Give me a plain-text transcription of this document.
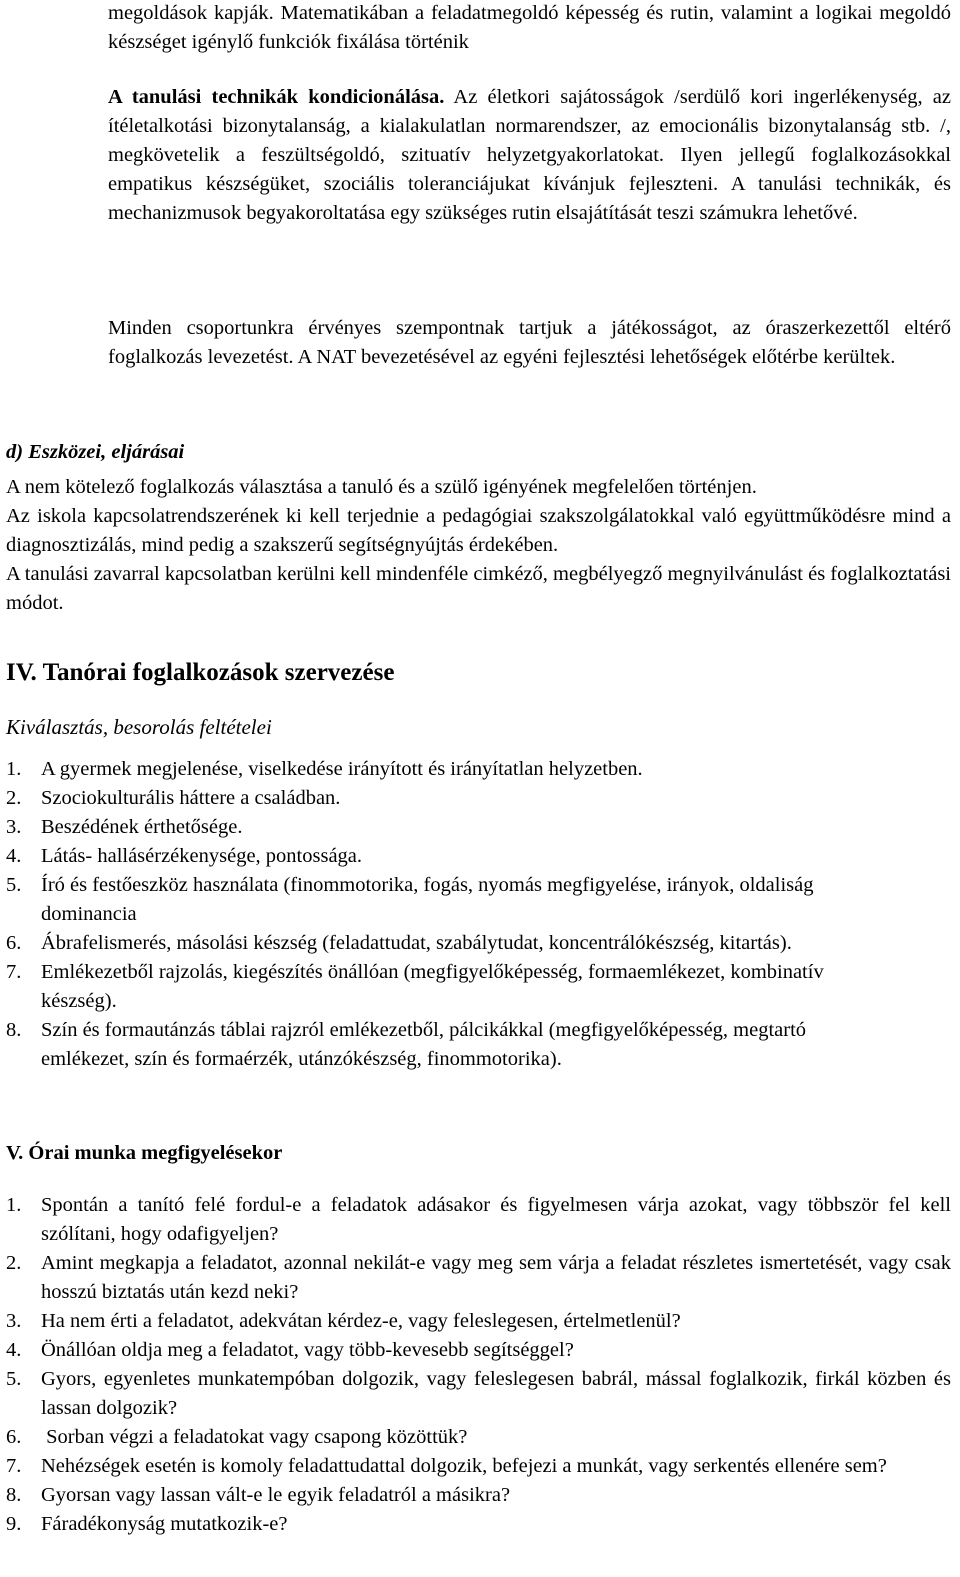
megoldások kapják. Matematikában a feladatmegoldó képesség és rutin, valamint a logikai megoldó készséget igénylő funkciók fixálása történik

A tanulási technikák kondicionálása. Az életkori sajátosságok /serdülő kori ingerlékenység, az ítéletalkotási bizonytalanság, a kialakulatlan normarendszer, az emocionális bizonytalanság stb. /, megkövetelik a feszültségoldó, szituatív helyzetgyakorlatokat. Ilyen jellegű foglalkozásokkal empatikus készségüket, szociális toleranciájukat kívánjuk fejleszteni. A tanulási technikák, és mechanizmusok begyakoroltatása egy szükséges rutin elsajátítását teszi számukra lehetővé.

Minden csoportunkra érvényes szempontnak tartjuk a játékosságot, az óraszerkezettől eltérő foglalkozás levezetést. A NAT bevezetésével az egyéni fejlesztési lehetőségek előtérbe kerültek.

d) Eszközei, eljárásai

A nem kötelező foglalkozás választása a tanuló és a szülő igényének megfelelően történjen.

Az iskola kapcsolatrendszerének ki kell terjednie a pedagógiai szakszolgálatokkal való együttműködésre mind a diagnosztizálás, mind pedig a szakszerű segítségnyújtás érdekében.

A tanulási zavarral kapcsolatban kerülni kell mindenféle cimkéző, megbélyegző megnyilvánulást és foglalkoztatási módot.

IV. Tanórai foglalkozások szervezése

Kiválasztás, besorolás feltételei

1. A gyermek megjelenése, viselkedése irányított és irányítatlan helyzetben.
2. Szociokulturális háttere a családban.
3. Beszédének érthetősége.
4. Látás- hallásérzékenysége, pontossága.
5. Író és festőeszköz használata (finommotorika, fogás, nyomás megfigyelése, irányok, oldaliság dominancia
6. Ábrafelismerés, másolási készség (feladattudat, szabálytudat, koncentrálókészség, kitartás).
7. Emlékezetből rajzolás, kiegészítés önállóan (megfigyelőképesség, formaemlékezet, kombinatív készség).
8. Szín és formautánzás táblai rajzról emlékezetből, pálcikákkal (megfigyelőképesség, megtartó emlékezet, szín és formaérzék, utánzókészség, finommotorika).
V. Órai munka megfigyelésekor
1. Spontán a tanító felé fordul-e a feladatok adásakor és figyelmesen várja azokat, vagy többször fel kell szólítani, hogy odafigyeljen?
2. Amint megkapja a feladatot, azonnal nekilát-e vagy meg sem várja a feladat részletes ismertetését, vagy csak hosszú biztatás után kezd neki?
3. Ha nem érti a feladatot, adekvátan kérdez-e, vagy feleslegesen, értelmetlenül?
4. Önállóan oldja meg a feladatot, vagy több-kevesebb segítséggel?
5. Gyors, egyenletes munkatempóban dolgozik, vagy feleslegesen babrál, mással foglalkozik, firkál közben és lassan dolgozik?
6. Sorban végzi a feladatokat vagy csapong közöttük?
7. Nehézségek esetén is komoly feladattudattal dolgozik, befejezi a munkát, vagy serkentés ellenére sem?
8. Gyorsan vagy lassan vált-e le egyik feladatról a másikra?
9. Fáradékonyság mutatkozik-e?
